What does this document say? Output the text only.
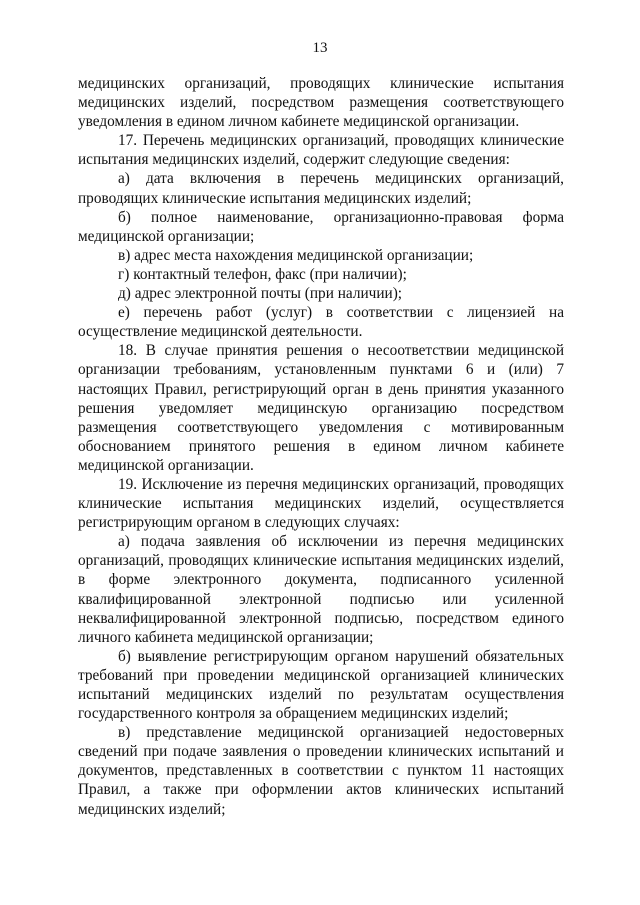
13

медицинских организаций, проводящих клинические испытания медицинских изделий, посредством размещения соответствующего уведомления в едином личном кабинете медицинской организации.

17. Перечень медицинских организаций, проводящих клинические испытания медицинских изделий, содержит следующие сведения:

а) дата включения в перечень медицинских организаций, проводящих клинические испытания медицинских изделий;

б) полное наименование, организационно-правовая форма медицинской организации;

в) адрес места нахождения медицинской организации;

г) контактный телефон, факс (при наличии);

д) адрес электронной почты (при наличии);

е) перечень работ (услуг) в соответствии с лицензией на осуществление медицинской деятельности.

18. В случае принятия решения о несоответствии медицинской организации требованиям, установленным пунктами 6 и (или) 7 настоящих Правил, регистрирующий орган в день принятия указанного решения уведомляет медицинскую организацию посредством размещения соответствующего уведомления с мотивированным обоснованием принятого решения в едином личном кабинете медицинской организации.

19. Исключение из перечня медицинских организаций, проводящих клинические испытания медицинских изделий, осуществляется регистрирующим органом в следующих случаях:

а) подача заявления об исключении из перечня медицинских организаций, проводящих клинические испытания медицинских изделий, в форме электронного документа, подписанного усиленной квалифицированной электронной подписью или усиленной неквалифицированной электронной подписью, посредством единого личного кабинета медицинской организации;

б) выявление регистрирующим органом нарушений обязательных требований при проведении медицинской организацией клинических испытаний медицинских изделий по результатам осуществления государственного контроля за обращением медицинских изделий;

в) представление медицинской организацией недостоверных сведений при подаче заявления о проведении клинических испытаний и документов, представленных в соответствии с пунктом 11 настоящих Правил, а также при оформлении актов клинических испытаний медицинских изделий;
